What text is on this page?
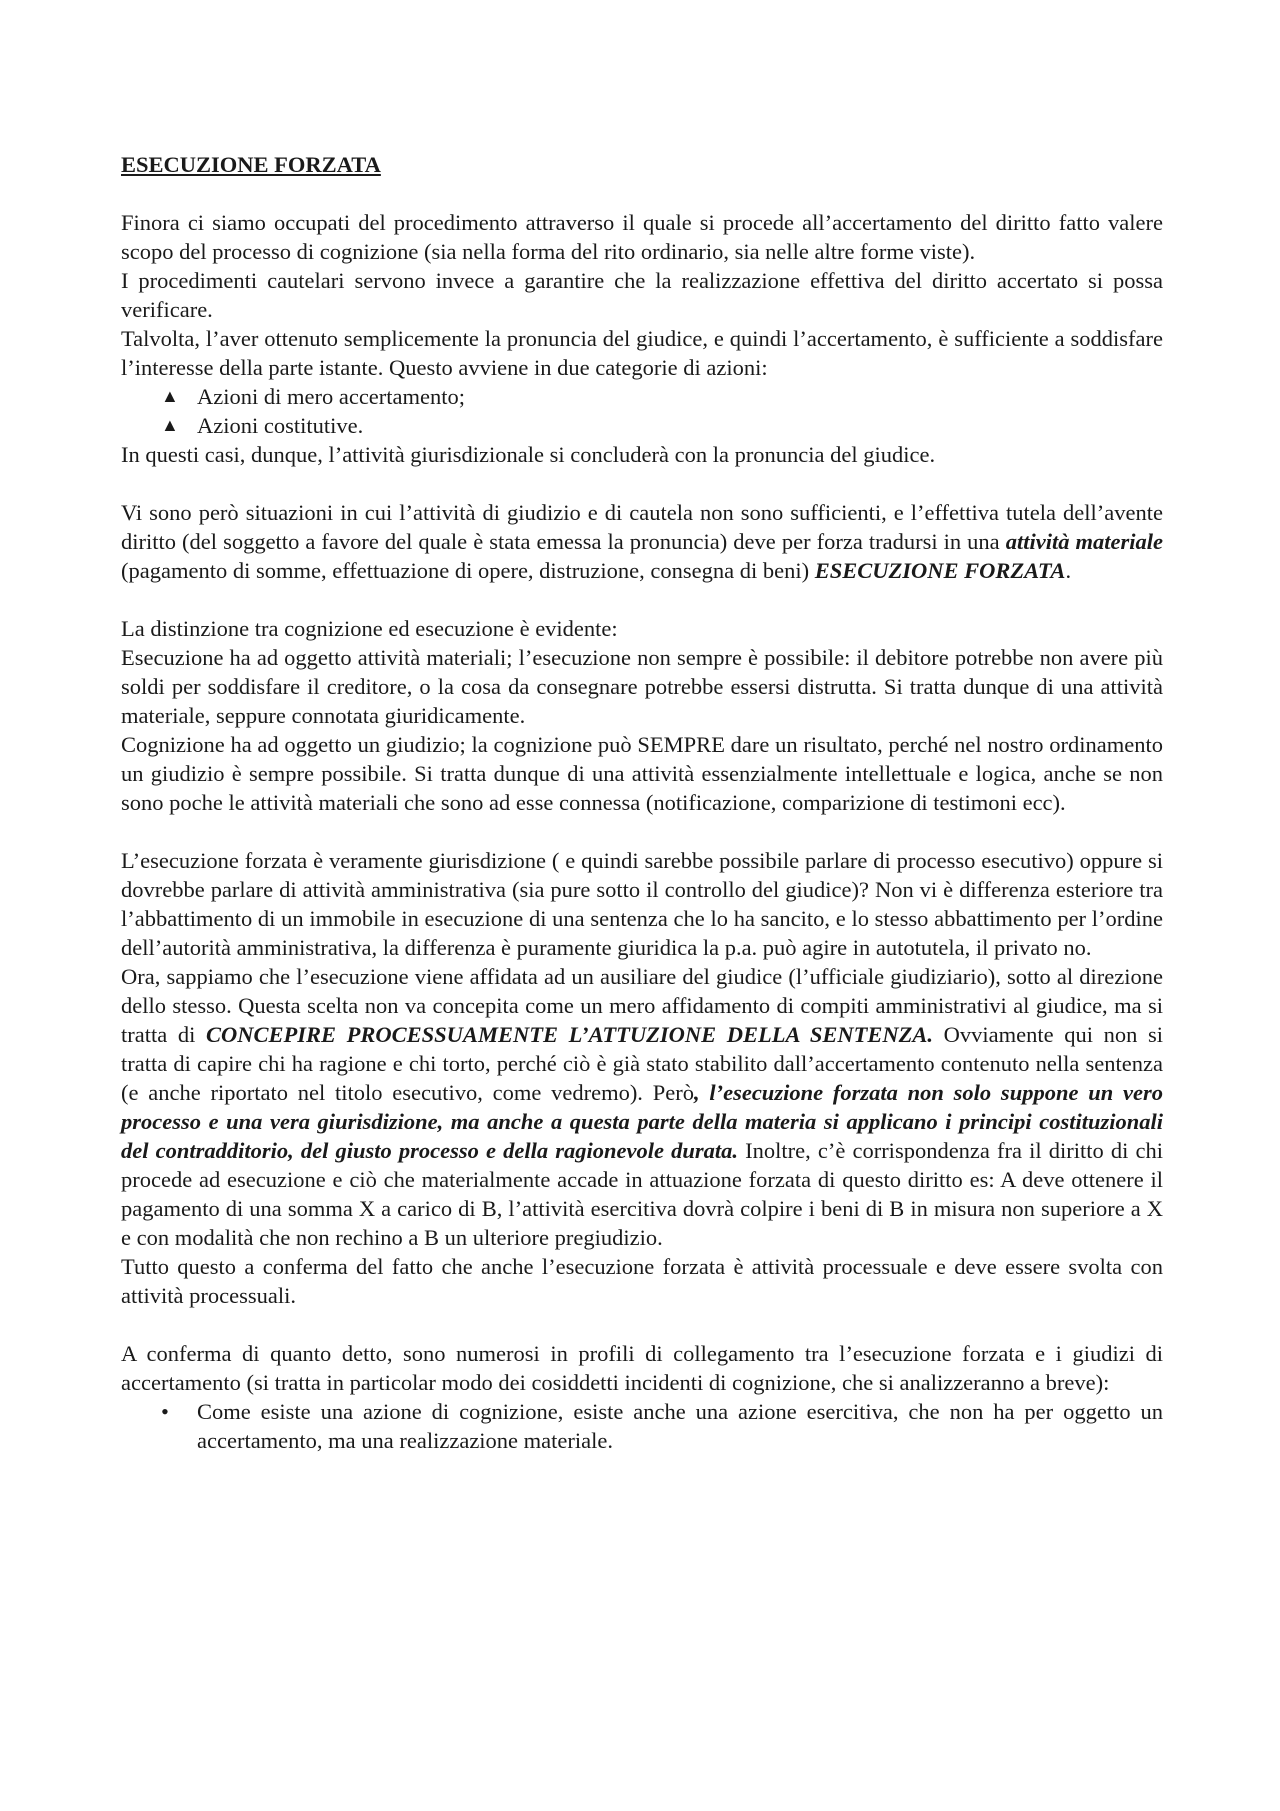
ESECUZIONE FORZATA

Finora ci siamo occupati del procedimento attraverso il quale si procede all’accertamento del diritto fatto valere scopo del processo di cognizione (sia nella forma del rito ordinario, sia nelle altre forme viste).

I procedimenti cautelari servono invece a garantire che la realizzazione effettiva del diritto accertato si possa verificare.

Talvolta, l’aver ottenuto semplicemente la pronuncia del giudice, e quindi l’accertamento, è sufficiente a soddisfare l’interesse della parte istante. Questo avviene in due categorie di azioni:

▲ Azioni di mero accertamento;
▲ Azioni costitutive.

In questi casi, dunque, l’attività giurisdizionale si concluderà con la pronuncia del giudice.

Vi sono però situazioni in cui l’attività di giudizio e di cautela non sono sufficienti, e l’effettiva tutela dell’avente diritto (del soggetto a favore del quale è stata emessa la pronuncia) deve per forza tradursi in una attività materiale (pagamento di somme, effettuazione di opere, distruzione, consegna di beni) ESECUZIONE FORZATA.

La distinzione tra cognizione ed esecuzione è evidente:

Esecuzione ha ad oggetto attività materiali; l’esecuzione non sempre è possibile: il debitore potrebbe non avere più soldi per soddisfare il creditore, o la cosa da consegnare potrebbe essersi distrutta. Si tratta dunque di una attività materiale, seppure connotata giuridicamente.

Cognizione ha ad oggetto un giudizio; la cognizione può SEMPRE dare un risultato, perché nel nostro ordinamento un giudizio è sempre possibile. Si tratta dunque di una attività essenzialmente intellettuale e logica, anche se non sono poche le attività materiali che sono ad esse connessa (notificazione, comparizione di testimoni ecc).

L’esecuzione forzata è veramente giurisdizione ( e quindi sarebbe possibile parlare di processo esecutivo) oppure si dovrebbe parlare di attività amministrativa (sia pure sotto il controllo del giudice)? Non vi è differenza esteriore tra l’abbattimento di un immobile in esecuzione di una sentenza che lo ha sancito, e lo stesso abbattimento per l’ordine dell’autorità amministrativa, la differenza è puramente giuridica la p.a. può agire in autotutela, il privato no.

Ora, sappiamo che l’esecuzione viene affidata ad un ausiliare del giudice (l’ufficiale giudiziario), sotto al direzione dello stesso. Questa scelta non va concepita come un mero affidamento di compiti amministrativi al giudice, ma si tratta di CONCEPIRE PROCESSUAMENTE L’ATTUZIONE DELLA SENTENZA. Ovviamente qui non si tratta di capire chi ha ragione e chi torto, perché ciò è già stato stabilito dall’accertamento contenuto nella sentenza (e anche riportato nel titolo esecutivo, come vedremo). Però, l’esecuzione forzata non solo suppone un vero processo e una vera giurisdizione, ma anche a questa parte della materia si applicano i principi costituzionali del contradditorio, del giusto processo e della ragionevole durata. Inoltre, c’è corrispondenza fra il diritto di chi procede ad esecuzione e ciò che materialmente accade in attuazione forzata di questo diritto es: A deve ottenere il pagamento di una somma X a carico di B, l’attività esercitiva dovrà colpire i beni di B in misura non superiore a X e con modalità che non rechino a B un ulteriore pregiudizio.

Tutto questo a conferma del fatto che anche l’esecuzione forzata è attività processuale e deve essere svolta con attività processuali.

A conferma di quanto detto, sono numerosi in profili di collegamento tra l’esecuzione forzata e i giudizi di accertamento (si tratta in particolar modo dei cosiddetti incidenti di cognizione, che si analizzeranno a breve):

• Come esiste una azione di cognizione, esiste anche una azione esercitiva, che non ha per oggetto un accertamento, ma una realizzazione materiale.
